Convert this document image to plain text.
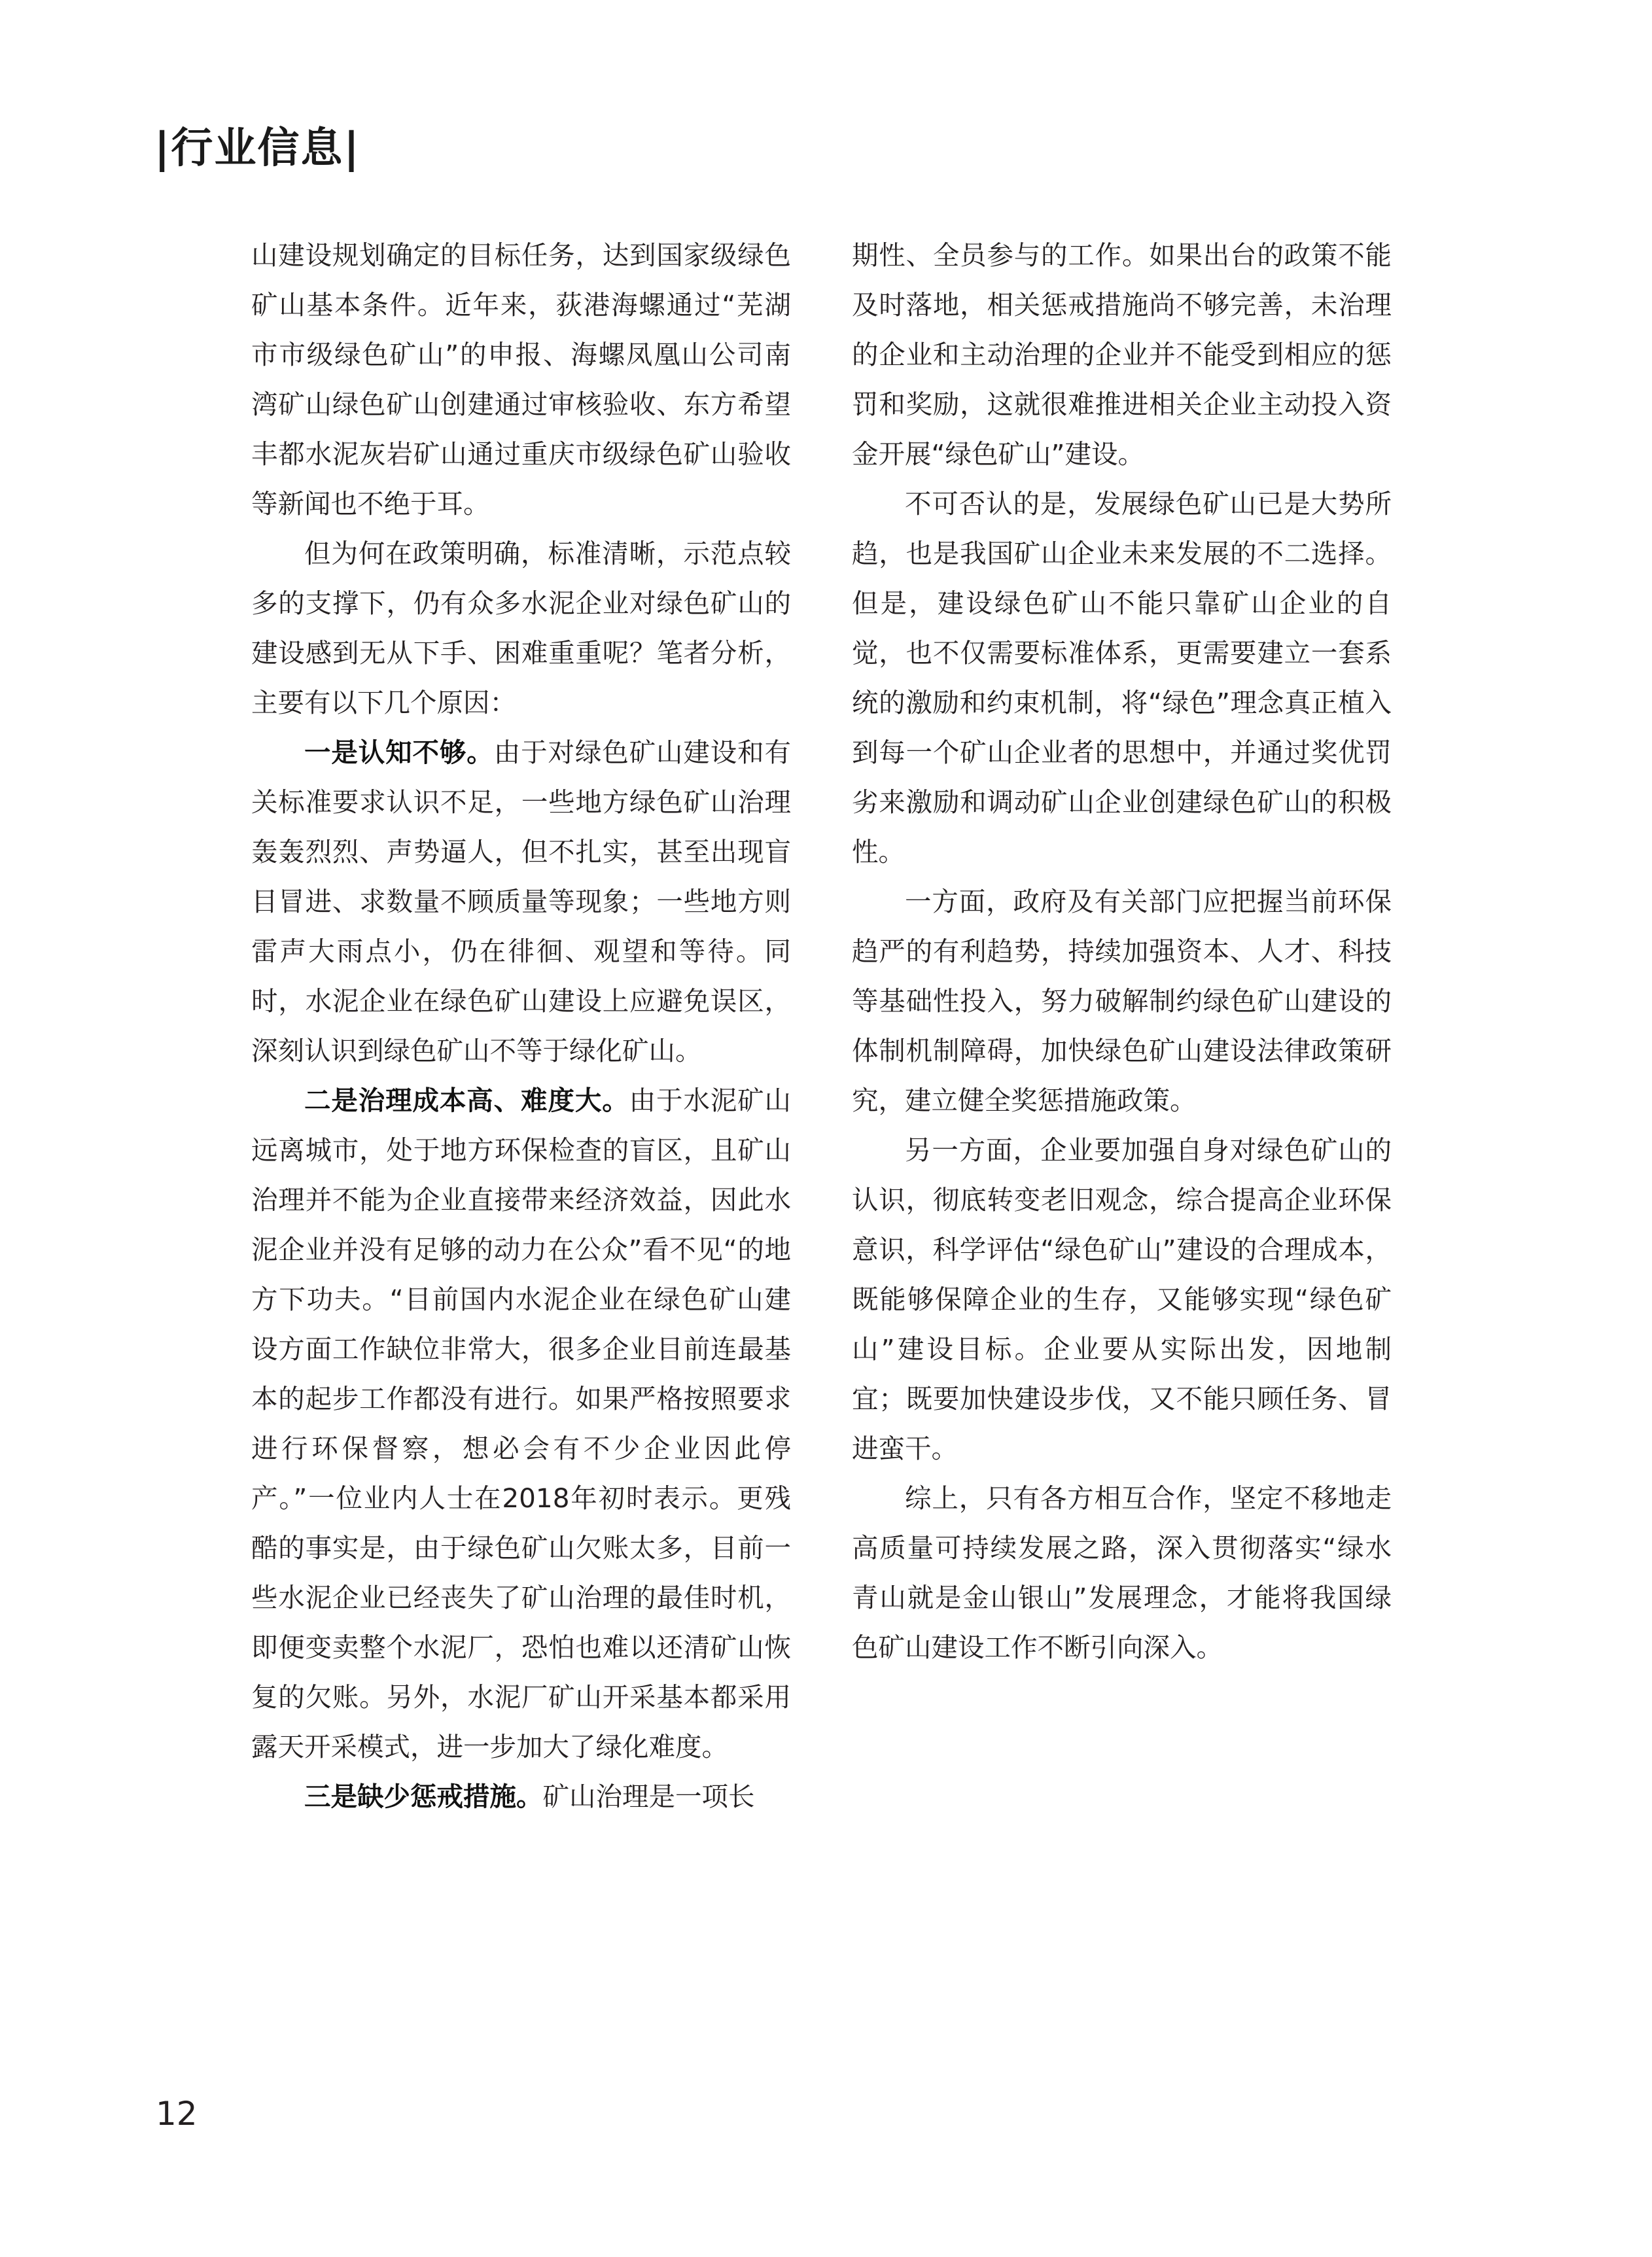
|行业信息|

山建设规划确定的目标任务，达到国家级绿色矿山基本条件。近年来，荻港海螺通过“芜湖市市级绿色矿山”的申报、海螺凤凰山公司南湾矿山绿色矿山创建通过审核验收、东方希望丰都水泥灰岩矿山通过重庆市级绿色矿山验收等新闻也不绝于耳。

但为何在政策明确，标准清晰，示范点较多的支撑下，仍有众多水泥企业对绿色矿山的建设感到无从下手、困难重重呢？笔者分析，主要有以下几个原因：

一是认知不够。由于对绿色矿山建设和有关标准要求认识不足，一些地方绿色矿山治理轰轰烈烈、声势逼人，但不扎实，甚至出现盲目冒进、求数量不顾质量等现象；一些地方则雷声大雨点小，仍在徘徊、观望和等待。同时，水泥企业在绿色矿山建设上应避免误区，深刻认识到绿色矿山不等于绿化矿山。

二是治理成本高、难度大。由于水泥矿山远离城市，处于地方环保检查的盲区，且矿山治理并不能为企业直接带来经济效益，因此水泥企业并没有足够的动力在公众”看不见“的地方下功夫。“目前国内水泥企业在绿色矿山建设方面工作缺位非常大，很多企业目前连最基本的起步工作都没有进行。如果严格按照要求进行环保督察，想必会有不少企业因此停产。”一位业内人士在2018年初时表示。更残酷的事实是，由于绿色矿山欠账太多，目前一些水泥企业已经丧失了矿山治理的最佳时机，即便变卖整个水泥厂，恐怕也难以还清矿山恢复的欠账。另外，水泥厂矿山开采基本都采用露天开采模式，进一步加大了绿化难度。

三是缺少惩戒措施。矿山治理是一项长

期性、全员参与的工作。如果出台的政策不能及时落地，相关惩戒措施尚不够完善，未治理的企业和主动治理的企业并不能受到相应的惩罚和奖励，这就很难推进相关企业主动投入资金开展“绿色矿山”建设。

不可否认的是，发展绿色矿山已是大势所趋，也是我国矿山企业未来发展的不二选择。但是，建设绿色矿山不能只靠矿山企业的自觉，也不仅需要标准体系，更需要建立一套系统的激励和约束机制，将“绿色”理念真正植入到每一个矿山企业者的思想中，并通过奖优罚劣来激励和调动矿山企业创建绿色矿山的积极性。

一方面，政府及有关部门应把握当前环保趋严的有利趋势，持续加强资本、人才、科技等基础性投入，努力破解制约绿色矿山建设的体制机制障碍，加快绿色矿山建设法律政策研究，建立健全奖惩措施政策。

另一方面，企业要加强自身对绿色矿山的认识，彻底转变老旧观念，综合提高企业环保意识，科学评估“绿色矿山”建设的合理成本，既能够保障企业的生存，又能够实现“绿色矿山”建设目标。企业要从实际出发，因地制宜；既要加快建设步伐，又不能只顾任务、冒进蛮干。

综上，只有各方相互合作，坚定不移地走高质量可持续发展之路，深入贯彻落实“绿水青山就是金山银山”发展理念，才能将我国绿色矿山建设工作不断引向深入。

12
